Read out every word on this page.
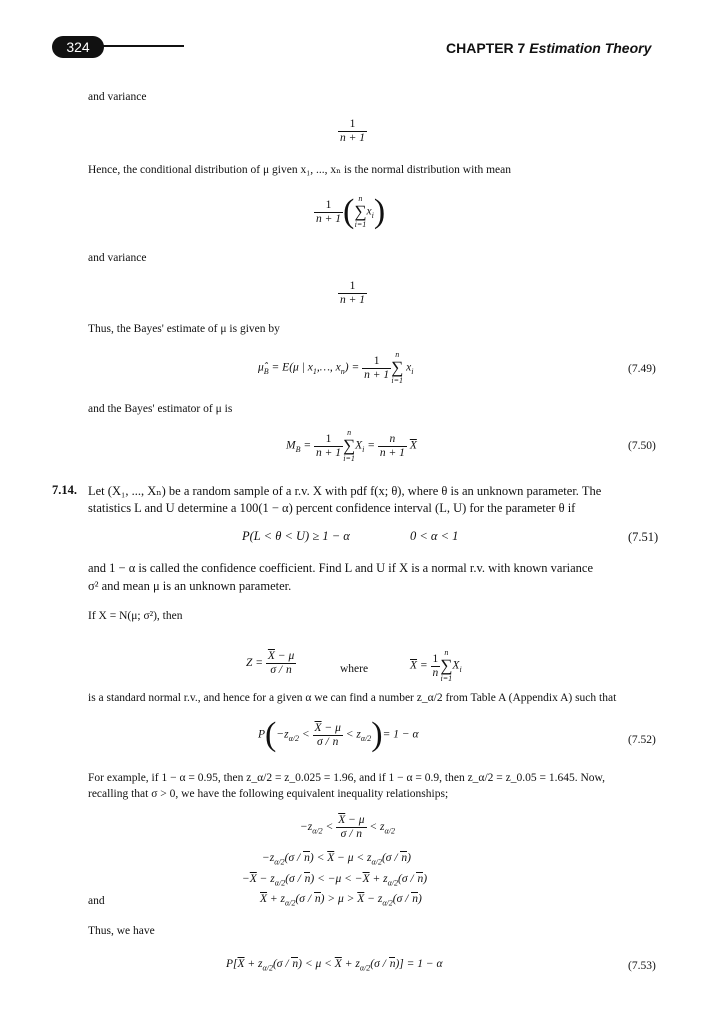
324	CHAPTER 7 Estimation Theory
and variance
$\frac{1}{n + 1}$
Hence, the conditional distribution of μ given x₁, ..., xₙ is the normal distribution with mean
$\frac{1}{n + 1}$ ( n
∑
i=1
$x_i$)
and variance
$\frac{1}{n + 1}$
Thus, the Bayes' estimate of μ is given by
$\mû_B = E(\mu$ | $x_1,\dots$, $x_n) = \frac{1}{n + 1}$ n
∑
i=1
$x_i$	(7.49)
and the Bayes' estimator of μ is
$M_B = \frac{1}{n + 1}$ n
∑
i=1
$X_i = \frac{n}{n + 1} \overline{X}$	(7.50)
7.14. Let (X₁, ..., Xₙ) be a random sample of a r.v. X with pdf f(x; θ), where θ is an unknown parameter. The
statistics L and U determine a 100(1 − α) percent confidence interval (L, U) for the parameter θ if
P(L < θ < U) ≥ 1 − α	0 < α < 1	(7.51)
and 1 − α is called the confidence coefficient. Find L and U if X is a normal r.v. with known variance
σ² and mean μ is an unknown parameter.
If X = N(μ; σ²), then
$Z = \frac{\overline{X} - \mu}{\sigma / n}$	where	$\overline{X} = \frac{1}{n}$ n
∑
i=1
$X_i$
is a standard normal r.v., and hence for a given α we can find a number z_α/2 from Table A (Appendix A) such that
$P(-z_{\alpha/2} < \frac{\overline{X} - \mu}{\sigma / n} < z_{\alpha/2})= 1 - \alpha$	(7.52)
For example, if 1 − α = 0.95, then z_α/2 = z_0.025 = 1.96, and if 1 − α = 0.9, then z_α/2 = z_0.05 = 1.645. Now,
recalling that σ > 0, we have the following equivalent inequality relationships;
$-z_{\alpha/2} < \frac{\overline{X} - \mu}{\sigma / n} < z_{\alpha/2}$
$-z_{\alpha/2}(\sigma / n) < \overline{X} - \mu < z_{\alpha/2}(\sigma / n)$
$-\overline{X} - z_{\alpha/2}(\sigma / n) < -\mu < -\overline{X} + z_{\alpha/2}(\sigma / n)$
and	$\overline{X} + z_{\alpha/2}(\sigma / n) > \mu > \overline{X} - z_{\alpha/2}(\sigma / n)$
Thus, we have
$P[\overline{X} + z_{\alpha/2}(\sigma / n) < \mu < \overline{X} + z_{\alpha/2}(\sigma / n)] = 1 - \alpha$	(7.53)
